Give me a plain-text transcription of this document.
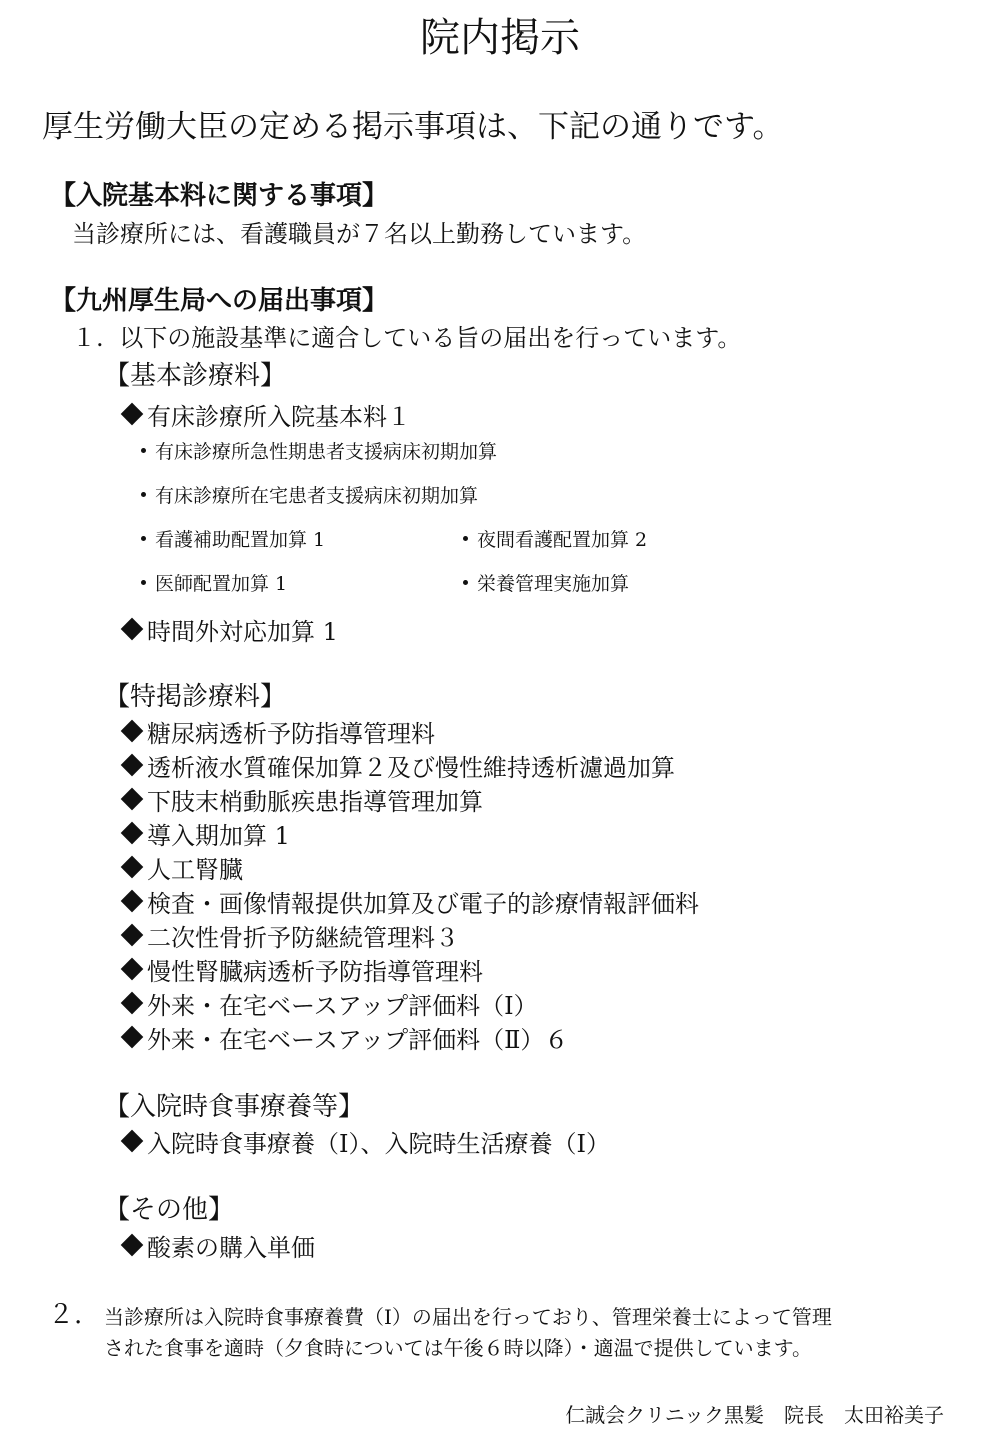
院内掲示
厚生労働大臣の定める掲示事項は、下記の通りです。
【入院基本料に関する事項】
当診療所には、看護職員が７名以上勤務しています。
【九州厚生局への届出事項】
１. 以下の施設基準に適合している旨の届出を行っています。
【基本診療料】
有床診療所入院基本料１
有床診療所急性期患者支援病床初期加算
有床診療所在宅患者支援病床初期加算
看護補助配置加算 1	夜間看護配置加算 2
医師配置加算 1	栄養管理実施加算
時間外対応加算 1
【特掲診療料】
糖尿病透析予防指導管理料
透析液水質確保加算２及び慢性維持透析濾過加算
下肢末梢動脈疾患指導管理加算
導入期加算 1
人工腎臓
検査・画像情報提供加算及び電子的診療情報評価料
二次性骨折予防継続管理料３
慢性腎臓病透析予防指導管理料
外来・在宅ベースアップ評価料（Ⅰ）
外来・在宅ベースアップ評価料（Ⅱ）６
【入院時食事療養等】
入院時食事療養（Ⅰ）、入院時生活療養（Ⅰ）
【その他】
酸素の購入単価
２. 当診療所は入院時食事療養費（Ⅰ）の届出を行っており、管理栄養士によって管理
された食事を適時（夕食時については午後６時以降）・適温で提供しています。
仁誠会クリニック黒髪　院長　太田裕美子
